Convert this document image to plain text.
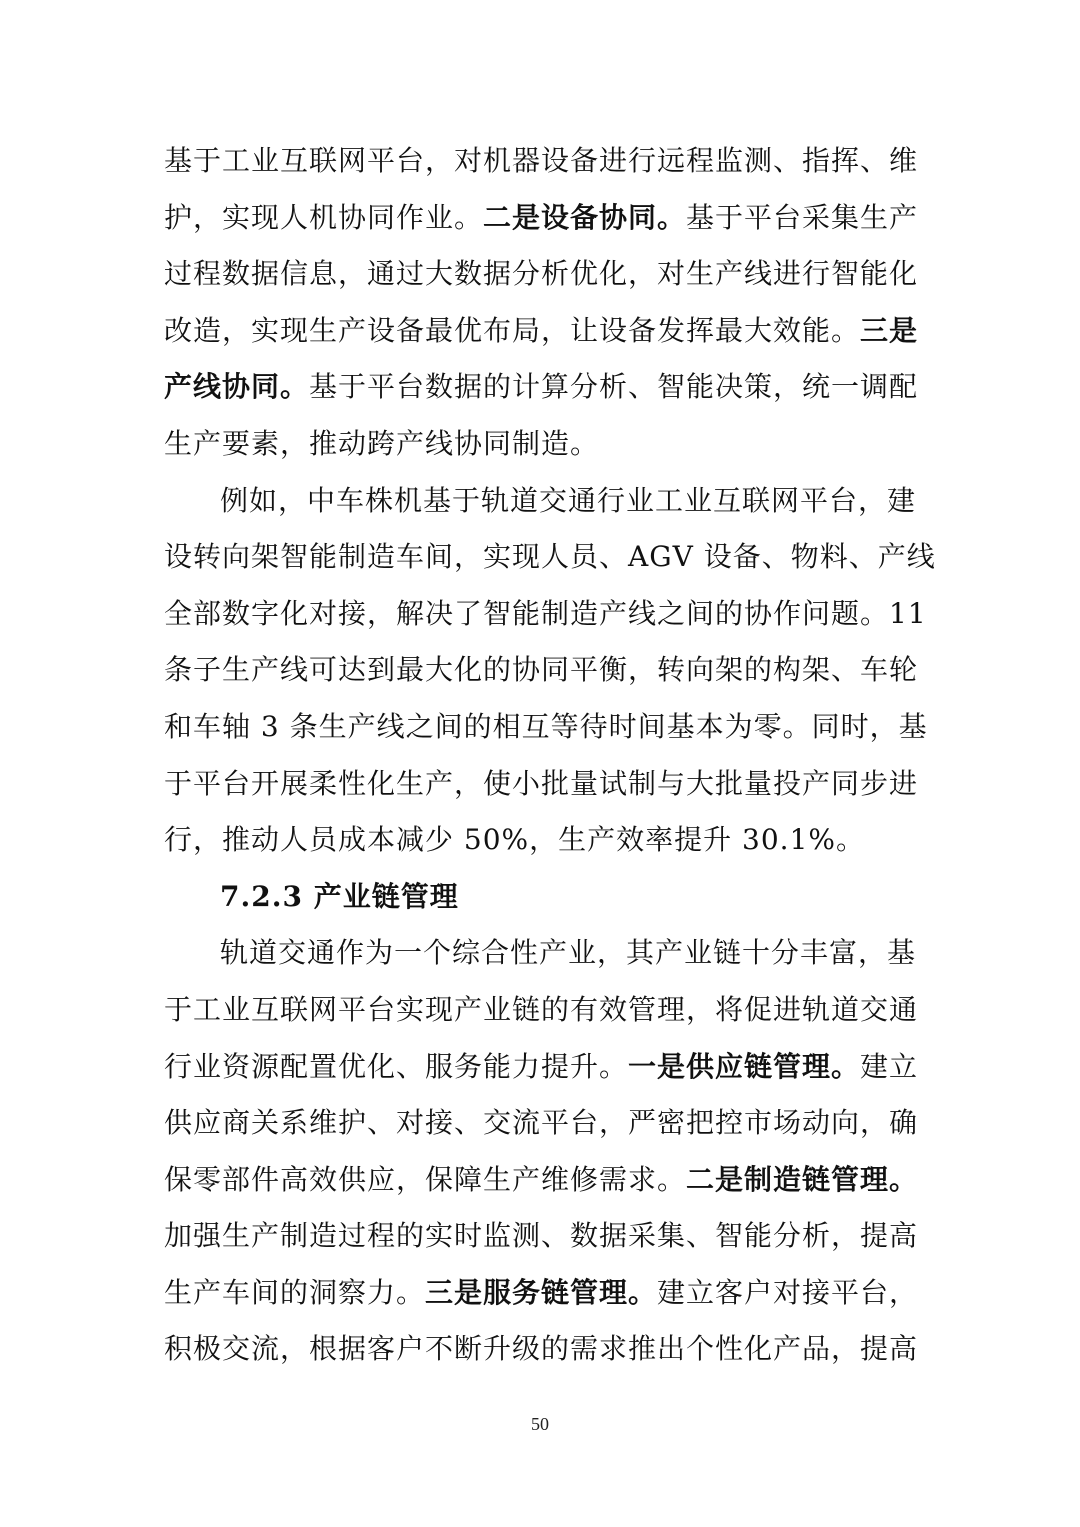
基于工业互联网平台，对机器设备进行远程监测、指挥、维
护，实现人机协同作业。二是设备协同。基于平台采集生产
过程数据信息，通过大数据分析优化，对生产线进行智能化
改造，实现生产设备最优布局，让设备发挥最大效能。三是
产线协同。基于平台数据的计算分析、智能决策，统一调配
生产要素，推动跨产线协同制造。
例如，中车株机基于轨道交通行业工业互联网平台，建
设转向架智能制造车间，实现人员、AGV 设备、物料、产线
全部数字化对接，解决了智能制造产线之间的协作问题。11
条子生产线可达到最大化的协同平衡，转向架的构架、车轮
和车轴 3 条生产线之间的相互等待时间基本为零。同时，基
于平台开展柔性化生产，使小批量试制与大批量投产同步进
行，推动人员成本减少 50%，生产效率提升 30.1%。
7.2.3 产业链管理
轨道交通作为一个综合性产业，其产业链十分丰富，基
于工业互联网平台实现产业链的有效管理，将促进轨道交通
行业资源配置优化、服务能力提升。一是供应链管理。建立
供应商关系维护、对接、交流平台，严密把控市场动向，确
保零部件高效供应，保障生产维修需求。二是制造链管理。
加强生产制造过程的实时监测、数据采集、智能分析，提高
生产车间的洞察力。三是服务链管理。建立客户对接平台，
积极交流，根据客户不断升级的需求推出个性化产品，提高
50
